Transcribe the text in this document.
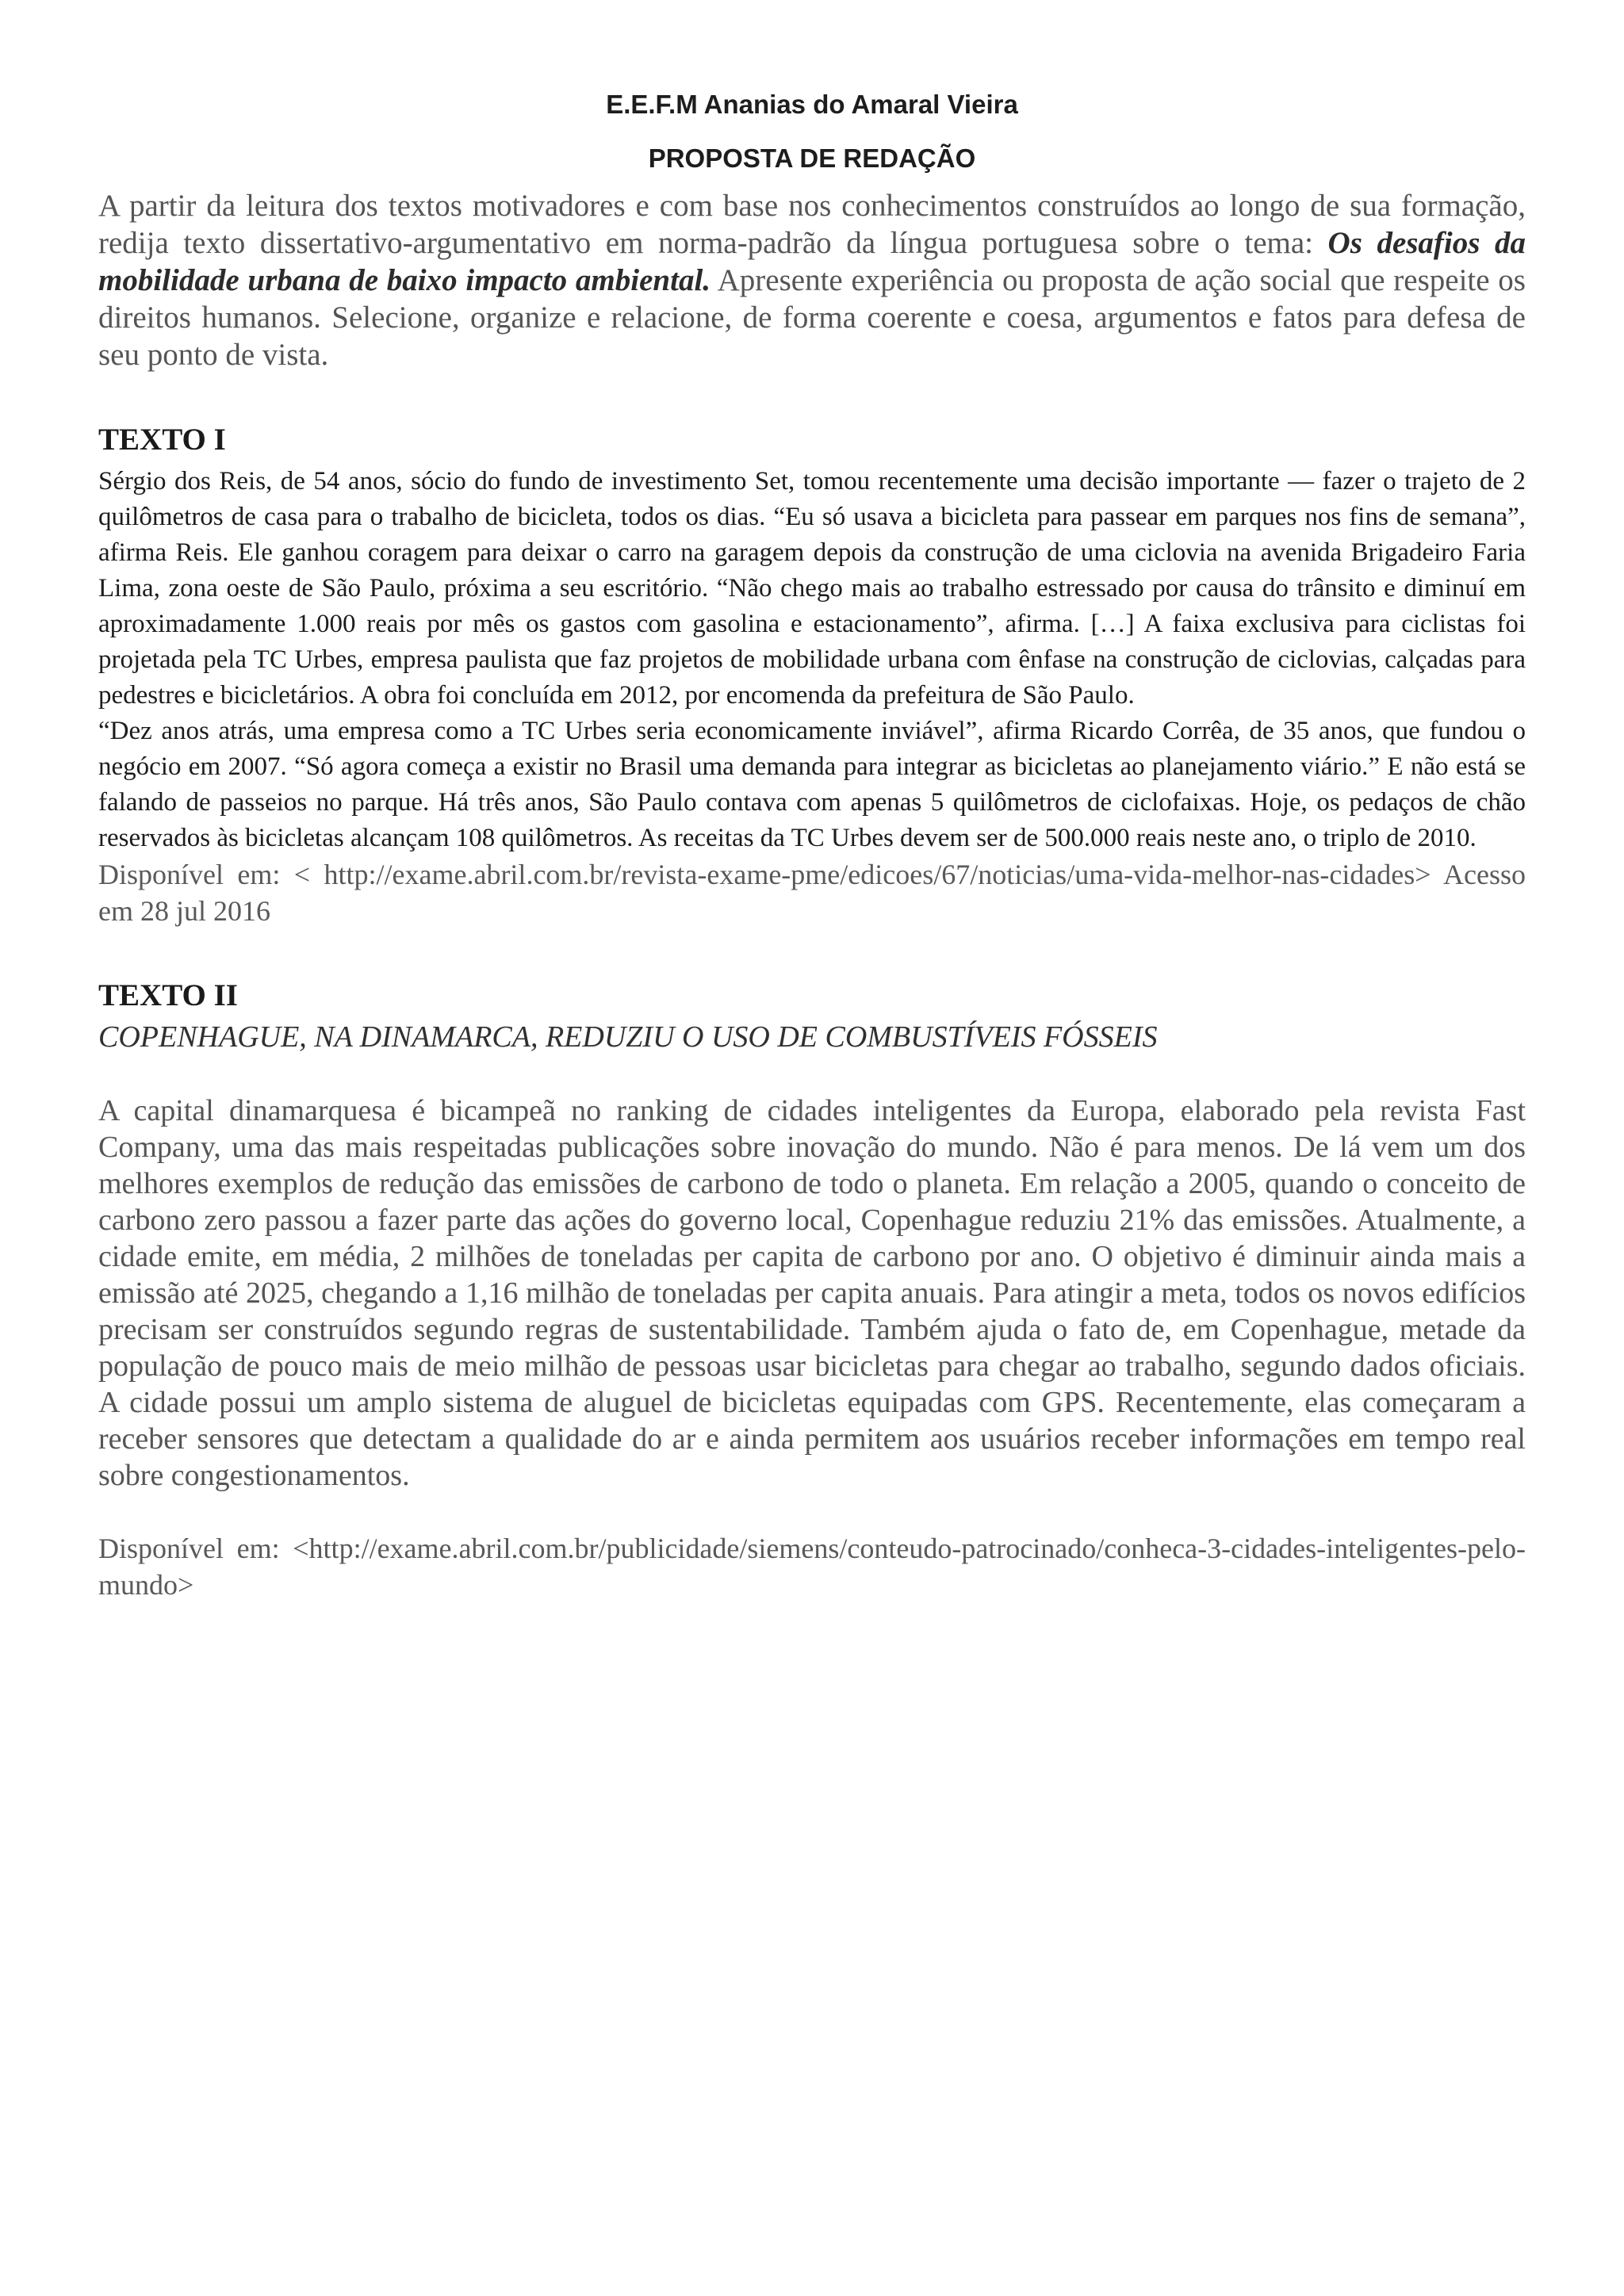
E.E.F.M Ananias do Amaral Vieira

PROPOSTA DE REDAÇÃO

A partir da leitura dos textos motivadores e com base nos conhecimentos construídos ao longo de sua formação, redija texto dissertativo-argumentativo em norma-padrão da língua portuguesa sobre o tema: Os desafios da mobilidade urbana de baixo impacto ambiental. Apresente experiência ou proposta de ação social que respeite os direitos humanos. Selecione, organize e relacione, de forma coerente e coesa, argumentos e fatos para defesa de seu ponto de vista.

TEXTO I

Sérgio dos Reis, de 54 anos, sócio do fundo de investimento Set, tomou recentemente uma decisão importante — fazer o trajeto de 2 quilômetros de casa para o trabalho de bicicleta, todos os dias. “Eu só usava a bicicleta para passear em parques nos fins de semana”, afirma Reis. Ele ganhou coragem para deixar o carro na garagem depois da construção de uma ciclovia na avenida Brigadeiro Faria Lima, zona oeste de São Paulo, próxima a seu escritório. “Não chego mais ao trabalho estressado por causa do trânsito e diminuí em aproximadamente 1.000 reais por mês os gastos com gasolina e estacionamento”, afirma. […] A faixa exclusiva para ciclistas foi projetada pela TC Urbes, empresa paulista que faz projetos de mobilidade urbana com ênfase na construção de ciclovias, calçadas para pedestres e bicicletários. A obra foi concluída em 2012, por encomenda da prefeitura de São Paulo.

“Dez anos atrás, uma empresa como a TC Urbes seria economicamente inviável”, afirma Ricardo Corrêa, de 35 anos, que fundou o negócio em 2007. “Só agora começa a existir no Brasil uma demanda para integrar as bicicletas ao planejamento viário.” E não está se falando de passeios no parque. Há três anos, São Paulo contava com apenas 5 quilômetros de ciclofaixas. Hoje, os pedaços de chão reservados às bicicletas alcançam 108 quilômetros. As receitas da TC Urbes devem ser de 500.000 reais neste ano, o triplo de 2010.

Disponível em: < http://exame.abril.com.br/revista-exame-pme/edicoes/67/noticias/uma-vida-melhor-nas-cidades> Acesso em 28 jul 2016

TEXTO II

COPENHAGUE, NA DINAMARCA, REDUZIU O USO DE COMBUSTÍVEIS FÓSSEIS

A capital dinamarquesa é bicampeã no ranking de cidades inteligentes da Europa, elaborado pela revista Fast Company, uma das mais respeitadas publicações sobre inovação do mundo. Não é para menos. De lá vem um dos melhores exemplos de redução das emissões de carbono de todo o planeta. Em relação a 2005, quando o conceito de carbono zero passou a fazer parte das ações do governo local, Copenhague reduziu 21% das emissões. Atualmente, a cidade emite, em média, 2 milhões de toneladas per capita de carbono por ano. O objetivo é diminuir ainda mais a emissão até 2025, chegando a 1,16 milhão de toneladas per capita anuais. Para atingir a meta, todos os novos edifícios precisam ser construídos segundo regras de sustentabilidade. Também ajuda o fato de, em Copenhague, metade da população de pouco mais de meio milhão de pessoas usar bicicletas para chegar ao trabalho, segundo dados oficiais. A cidade possui um amplo sistema de aluguel de bicicletas equipadas com GPS. Recentemente, elas começaram a receber sensores que detectam a qualidade do ar e ainda permitem aos usuários receber informações em tempo real sobre congestionamentos.

Disponível em: <http://exame.abril.com.br/publicidade/siemens/conteudo-patrocinado/conheca-3-cidades-inteligentes-pelo-mundo>
